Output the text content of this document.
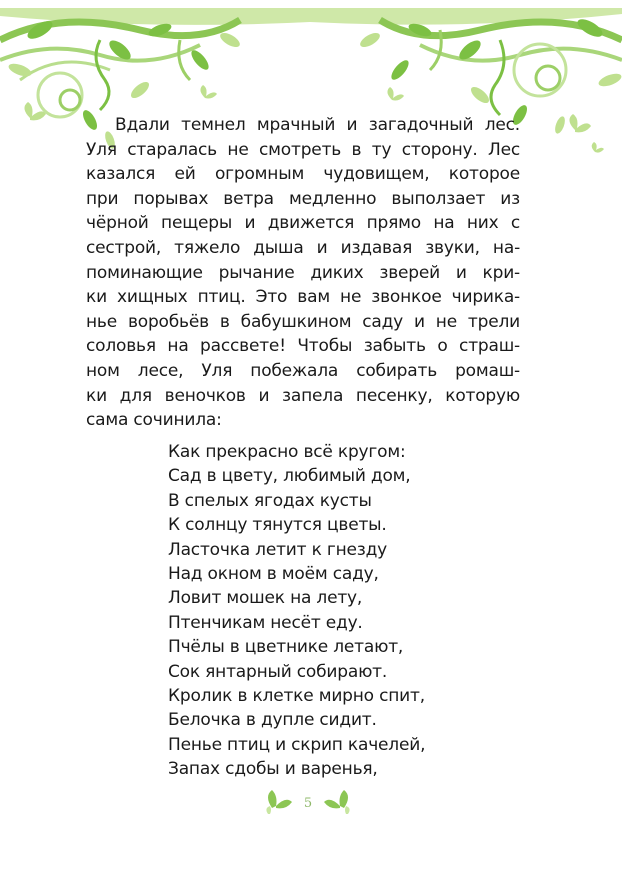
Вдали темнел мрачный и загадочный лес.
Уля старалась не смотреть в ту сторону. Лес
казался ей огромным чудовищем, которое
при порывах ветра медленно выползает из
чёрной пещеры и движется прямо на них с
сестрой, тяжело дыша и издавая звуки, на-
поминающие рычание диких зверей и кри-
ки хищных птиц. Это вам не звонкое чирика-
нье воробьёв в бабушкином саду и не трели
соловья на рассвете! Чтобы забыть о страш-
ном лесе, Уля побежала собирать ромаш-
ки для веночков и запела песенку, которую
сама сочинила:
Как прекрасно всё кругом:
Сад в цвету, любимый дом,
В спелых ягодах кусты
К солнцу тянутся цветы.
Ласточка летит к гнезду
Над окном в моём саду,
Ловит мошек на лету,
Птенчикам несёт еду.
Пчёлы в цветнике летают,
Сок янтарный собирают.
Кролик в клетке мирно спит,
Белочка в дупле сидит.
Пенье птиц и скрип качелей,
Запах сдобы и варенья,
5
